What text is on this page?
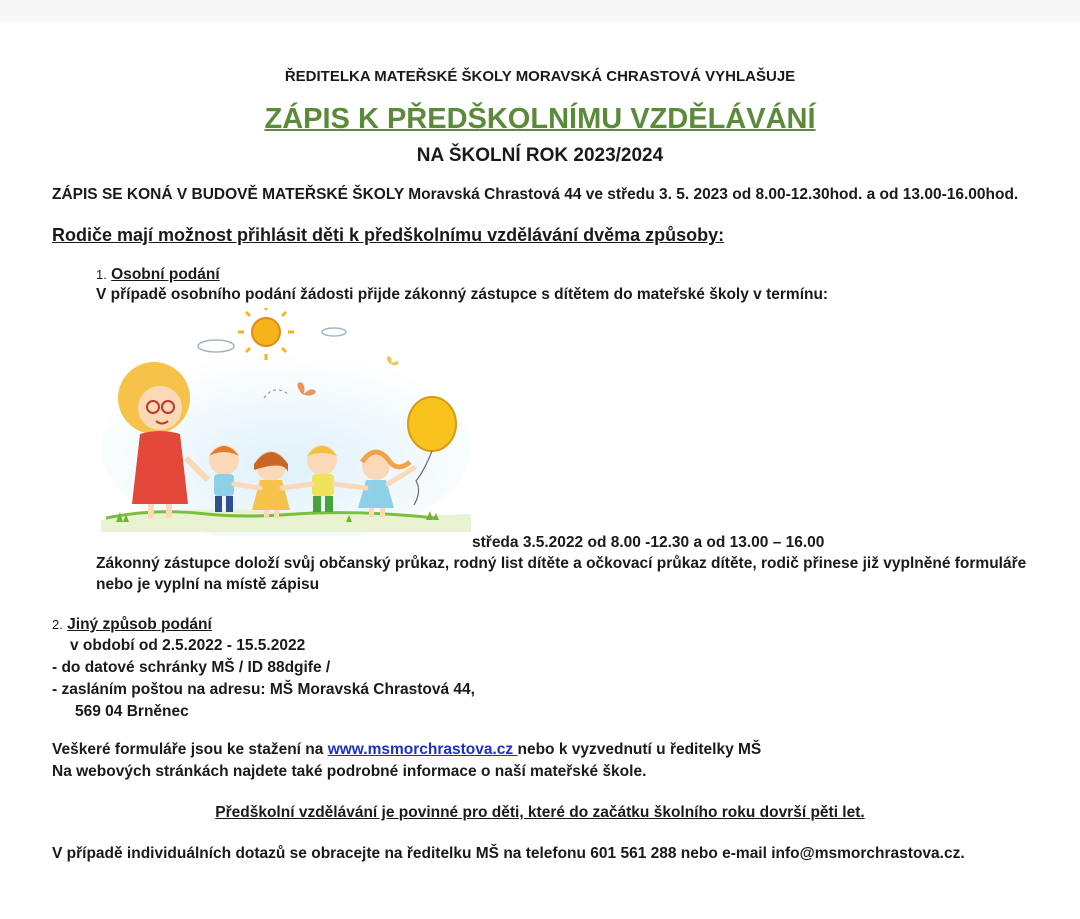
ŘEDITELKA MATEŘSKÉ ŠKOLY MORAVSKÁ CHRASTOVÁ VYHLAŠUJE
ZÁPIS K PŘEDŠKOLNÍMU VZDĚLÁVÁNÍ
NA ŠKOLNÍ ROK 2023/2024
ZÁPIS SE KONÁ V BUDOVĚ MATEŘSKÉ ŠKOLY Moravská Chrastová 44 ve středu 3. 5. 2023 od 8.00-12.30hod. a od 13.00-16.00hod.
Rodiče mají možnost přihlásit děti k předškolnímu vzdělávání dvěma způsoby:
1. Osobní podání
V případě osobního podání žádosti přijde zákonný zástupce s dítětem do mateřské školy v termínu:
středa 3.5.2022 od 8.00 -12.30 a od 13.00 – 16.00
Zákonný zástupce doloží svůj občanský průkaz, rodný list dítěte a očkovací průkaz dítěte, rodič přinese již vyplněné formuláře
nebo je vyplní na místě zápisu
2. Jiný způsob podání
v období od 2.5.2022 - 15.5.2022
- do datové schránky MŠ / ID 88dgife /
- zasláním poštou na adresu: MŠ Moravská Chrastová 44,
569 04 Brněnec
Veškeré formuláře jsou ke stažení na www.msmorchrastova.cz nebo k vyzvednutí u ředitelky MŠ
Na webových stránkách najdete také podrobné informace o naší mateřské škole.
Předškolní vzdělávání je povinné pro děti, které do začátku školního roku dovrší pěti let.
V případě individuálních dotazů se obracejte na ředitelku MŠ na telefonu 601 561 288 nebo e-mail info@msmorchrastova.cz.
